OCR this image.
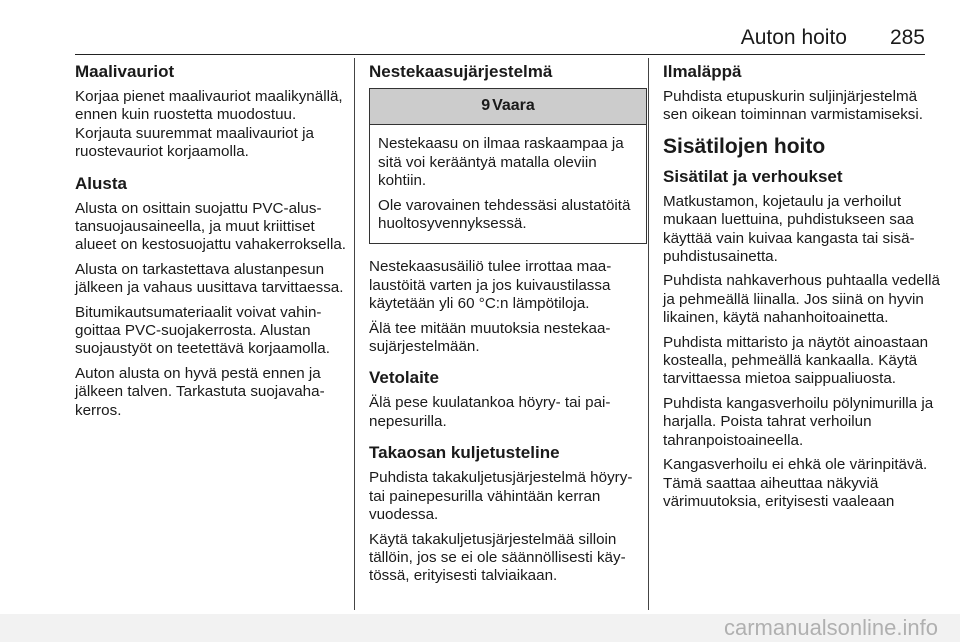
Auton hoito 285
Maalivauriot

Korjaa pienet maalivauriot maalikynällä, ennen kuin ruostetta muodostuu. Korjauta suuremmat maalivauriot ja ruostevauriot korjaamolla.

Alusta

Alusta on osittain suojattu PVC-alustansuojausaineella, ja muut kriittiset alueet on kestosuojattu vahakerroksella.

Alusta on tarkastettava alustanpesun jälkeen ja vahaus uusittava tarvittaessa.

Bitumikautsumateriaalit voivat vahingoittaa PVC-suojakerrosta. Alustan suojaustyöt on teetettävä korjaamolla.

Auton alusta on hyvä pestä ennen ja jälkeen talven. Tarkastuta suojavahakerros.

Nestekaasujärjestelmä
9 Vaara

Nestekaasu on ilmaa raskaampaa ja sitä voi kerääntyä matalla oleviin kohtiin.

Ole varovainen tehdessäsi alustatöitä huoltosyvennyksessä.

Nestekaasusäiliö tulee irrottaa maalaustöitä varten ja jos kuivaustilassa käytetään yli 60 °C:n lämpötiloja.

Älä tee mitään muutoksia nestekaasujärjestelmään.

Vetolaite

Älä pese kuulatankoa höyry- tai painepesurilla.

Takaosan kuljetusteline

Puhdista takakuljetusjärjestelmä höyry- tai painepesurilla vähintään kerran vuodessa.

Käytä takakuljetusjärjestelmää silloin tällöin, jos se ei ole säännöllisesti käytössä, erityisesti talviaikaan.

Ilmaläppä

Puhdista etupuskurin suljinjärjestelmä sen oikean toiminnan varmistamiseksi.

Sisätilojen hoito
Sisätilat ja verhoukset

Matkustamon, kojetaulu ja verhoilut mukaan luettuina, puhdistukseen saa käyttää vain kuivaa kangasta tai sisäpuhdistusainetta.

Puhdista nahkaverhous puhtaalla vedellä ja pehmeällä liinalla. Jos siinä on hyvin likainen, käytä nahanhoitoainetta.

Puhdista mittaristo ja näytöt ainoastaan kostealla, pehmeällä kankaalla. Käytä tarvittaessa mietoa saippualiuosta.

Puhdista kangasverhoilu pölynimurilla ja harjalla. Poista tahrat verhoilun tahranpoistoaineella.

Kangasverhoilu ei ehkä ole värinpitävä. Tämä saattaa aiheuttaa näkyviä värimuutoksia, erityisesti vaaleaan

carmanualsonline.info
